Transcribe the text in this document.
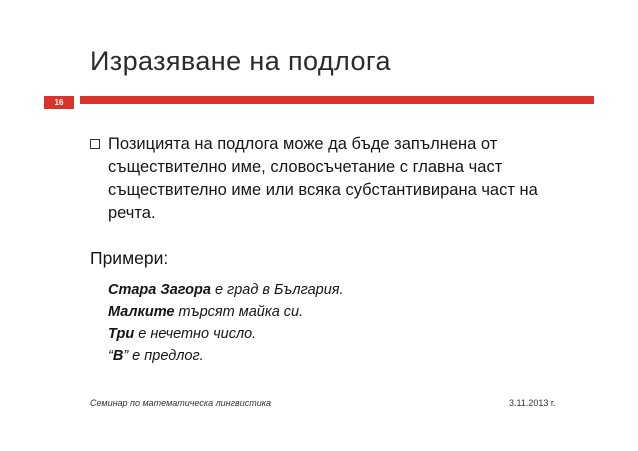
Изразяване на подлога
16
Позицията на подлога може да бъде запълнена от съществително име, словосъчетание с главна част съществително име или всяка субстантивирана част на речта.
Примери:
Стара Загора е град в България.
Малките търсят майка си.
Три е нечетно число.
“В” е предлог.
Семинар по математическа лингвистика	3.11.2013 г.
